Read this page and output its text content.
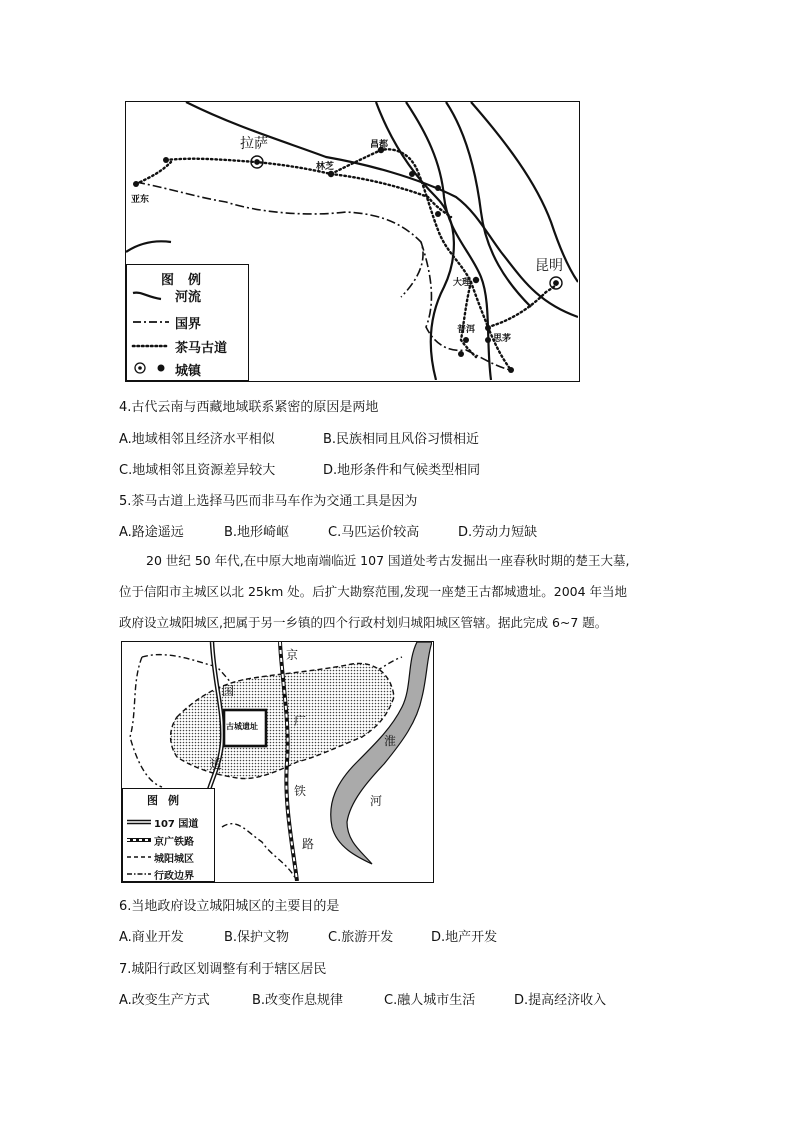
拉萨
昆明
林芝
昌都
亚东
大理
普洱
思茅
图例
河流
国界
茶马古道
城镇
4.古代云南与西藏地域联系紧密的原因是两地
A.地域相邻且经济水平相似	B.民族相同且风俗习惯相近
C.地域相邻且资源差异较大	D.地形条件和气候类型相同
5.茶马古道上选择马匹而非马车作为交通工具是因为
A.路途遥远	B.地形崎岖	C.马匹运价较高	D.劳动力短缺
20 世纪 50 年代,在中原大地南端临近 107 国道处考古发掘出一座春秋时期的楚王大墓,
位于信阳市主城区以北 25km 处。后扩大勘察范围,发现一座楚王古都城遗址。2004 年当地
政府设立城阳城区,把属于另一乡镇的四个行政村划归城阳城区管辖。据此完成 6~7 题。
古城遗址
国
道
京
广
铁
路
淮
河
图例
107 国道
京广铁路
城阳城区
行政边界
6.当地政府设立城阳城区的主要目的是
A.商业开发	B.保护文物	C.旅游开发	D.地产开发
7.城阳行政区划调整有利于辖区居民
A.改变生产方式	B.改变作息规律	C.融人城市生活	D.提高经济收入
